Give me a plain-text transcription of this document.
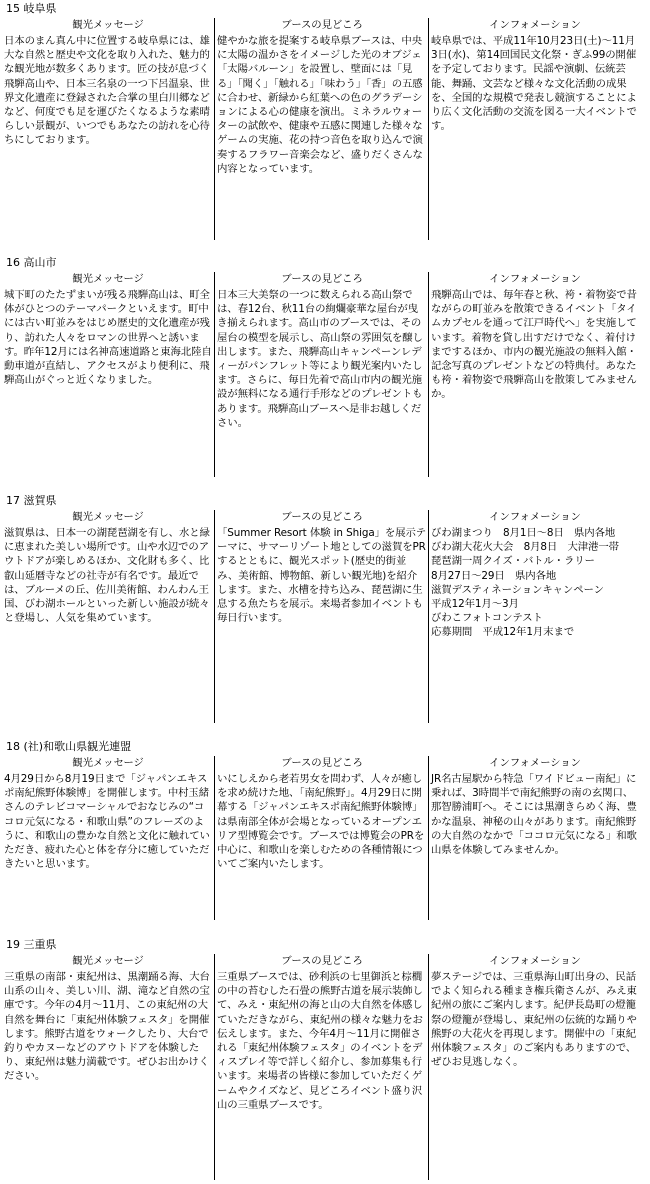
15 岐阜県
観光メッセージ
日本のまん真ん中に位置する岐阜県には、雄大な自然と歴史や文化を取り入れた、魅力的な観光地が数多くあります。匠の技が息づく飛騨高山や、日本三名泉の一つ下呂温泉、世界文化遺産に登録された合掌の里白川郷などなど、何度でも足を運びたくなるような素晴らしい景観が、いつでもあなたの訪れを心待ちにしております。
ブースの見どころ
健やかな旅を提案する岐阜県ブースは、中央に太陽の温かさをイメージした光のオブジェ「太陽バルーン」を設置し、壁面には「見る」「聞く」「触れる」「味わう」「香」の五感に合わせ、新緑から紅葉への色のグラデーションによる心の健康を演出。ミネラルウォーターの試飲や、健康や五感に関連した様々なゲームの実施、花の持つ音色を取り込んで演奏するフラワー音楽会など、盛りだくさんな内容となっています。
インフォメーション
岐阜県では、平成11年10月23日(土)～11月3日(水)、第14回国民文化祭・ぎふ99の開催を予定しております。民謡や演劇、伝統芸能、舞踊、文芸など様々な文化活動の成果を、全国的な規模で発表し競演することにより広く文化活動の交流を図る一大イベントです。
16 高山市
観光メッセージ
城下町のたたずまいが残る飛騨高山は、町全体がひとつのテーマパークといえます。町中には古い町並みをはじめ歴史的文化遺産が残り、訪れた人々をロマンの世界へと誘います。昨年12月には名神高速道路と東海北陸自動車道が直結し、アクセスがより便利に、飛騨高山がぐっと近くなりました。
ブースの見どころ
日本三大美祭の一つに数えられる高山祭では、春12台、秋11台の絢爛豪華な屋台が曳き揃えられます。高山市のブースでは、その屋台の模型を展示し、高山祭の雰囲気を醸し出します。また、飛騨高山キャンペーンレディーがパンフレット等により観光案内いたします。さらに、毎日先着で高山市内の観光施設が無料になる通行手形などのプレゼントもあります。飛騨高山ブースへ是非お越しください。
インフォメーション
飛騨高山では、毎年春と秋、袴・着物姿で昔ながらの町並みを散策できるイベント「タイムカプセルを通って江戸時代へ」を実施しています。着物を貸し出すだけでなく、着付けまでするほか、市内の観光施設の無料入館・記念写真のプレゼントなどの特典付。あなたも袴・着物姿で飛騨高山を散策してみませんか。
17 滋賀県
観光メッセージ
滋賀県は、日本一の湖琵琶湖を有し、水と緑に恵まれた美しい場所です。山や水辺でのアウトドアが楽しめるほか、文化財も多く、比叡山延暦寺などの社寺が有名です。最近では、ブルーメの丘、佐川美術館、わんわん王国、びわ湖ホールといった新しい施設が続々と登場し、人気を集めています。
ブースの見どころ
「Summer Resort 体験 in Shiga」を展示テーマに、サマーリゾート地としての滋賀をPRするとともに、観光スポット(歴史的街並み、美術館、博物館、新しい観光地)を紹介します。また、水槽を持ち込み、琵琶湖に生息する魚たちを展示。来場者参加イベントも毎日行います。
インフォメーション
びわ湖まつり　8月1日～8日　県内各地
びわ湖大花火大会　8月8日　大津港一帯
琵琶湖一周クイズ・バトル・ラリー
8月27日～29日　県内各地
滋賀デスティネーションキャンペーン
平成12年1月～3月
びわこフォトコンテスト
応募期間　平成12年1月末まで
18 (社)和歌山県観光連盟
観光メッセージ
4月29日から8月19日まで「ジャパンエキスポ南紀熊野体験博」を開催します。中村玉緒さんのテレビコマーシャルでおなじみの“ココロ元気になる・和歌山県”のフレーズのように、和歌山の豊かな自然と文化に触れていただき、疲れた心と体を存分に癒していただきたいと思います。
ブースの見どころ
いにしえから老若男女を問わず、人々が癒しを求め続けた地、「南紀熊野」。4月29日に開幕する「ジャパンエキスポ南紀熊野体験博」は県南部全体が会場となっているオープンエリア型博覧会です。ブースでは博覧会のPRを中心に、和歌山を楽しむための各種情報についてご案内いたします。
インフォメーション
JR名古屋駅から特急「ワイドビュー南紀」に乗れば、3時間半で南紀熊野の南の玄関口、那智勝浦町へ。そこには黒潮きらめく海、豊かな温泉、神秘の山々があります。南紀熊野の大自然のなかで「ココロ元気になる」和歌山県を体験してみませんか。
19 三重県
観光メッセージ
三重県の南部・東紀州は、黒潮踊る海、大台山系の山々、美しい川、湖、滝など自然の宝庫です。今年の4月～11月、この東紀州の大自然を舞台に「東紀州体験フェスタ」を開催します。熊野古道をウォークしたり、大台で釣りやカヌーなどのアウトドアを体験したり、東紀州は魅力満載です。ぜひお出かけください。
ブースの見どころ
三重県ブースでは、砂利浜の七里御浜と棕櫚の中の苔むした石畳の熊野古道を展示装飾して、みえ・東紀州の海と山の大自然を体感していただきながら、東紀州の様々な魅力をお伝えします。また、今年4月～11月に開催される「東紀州体験フェスタ」のイベントをディスプレイ等で詳しく紹介し、参加募集も行います。来場者の皆様に参加していただくゲームやクイズなど、見どころイベント盛り沢山の三重県ブースです。
インフォメーション
夢ステージでは、三重県海山町出身の、民話でよく知られる種まき権兵衛さんが、みえ東紀州の旅にご案内します。紀伊長島町の燈籠祭の燈籠が登場し、東紀州の伝統的な踊りや熊野の大花火を再現します。開催中の「東紀州体験フェスタ」のご案内もありますので、ぜひお見逃しなく。
